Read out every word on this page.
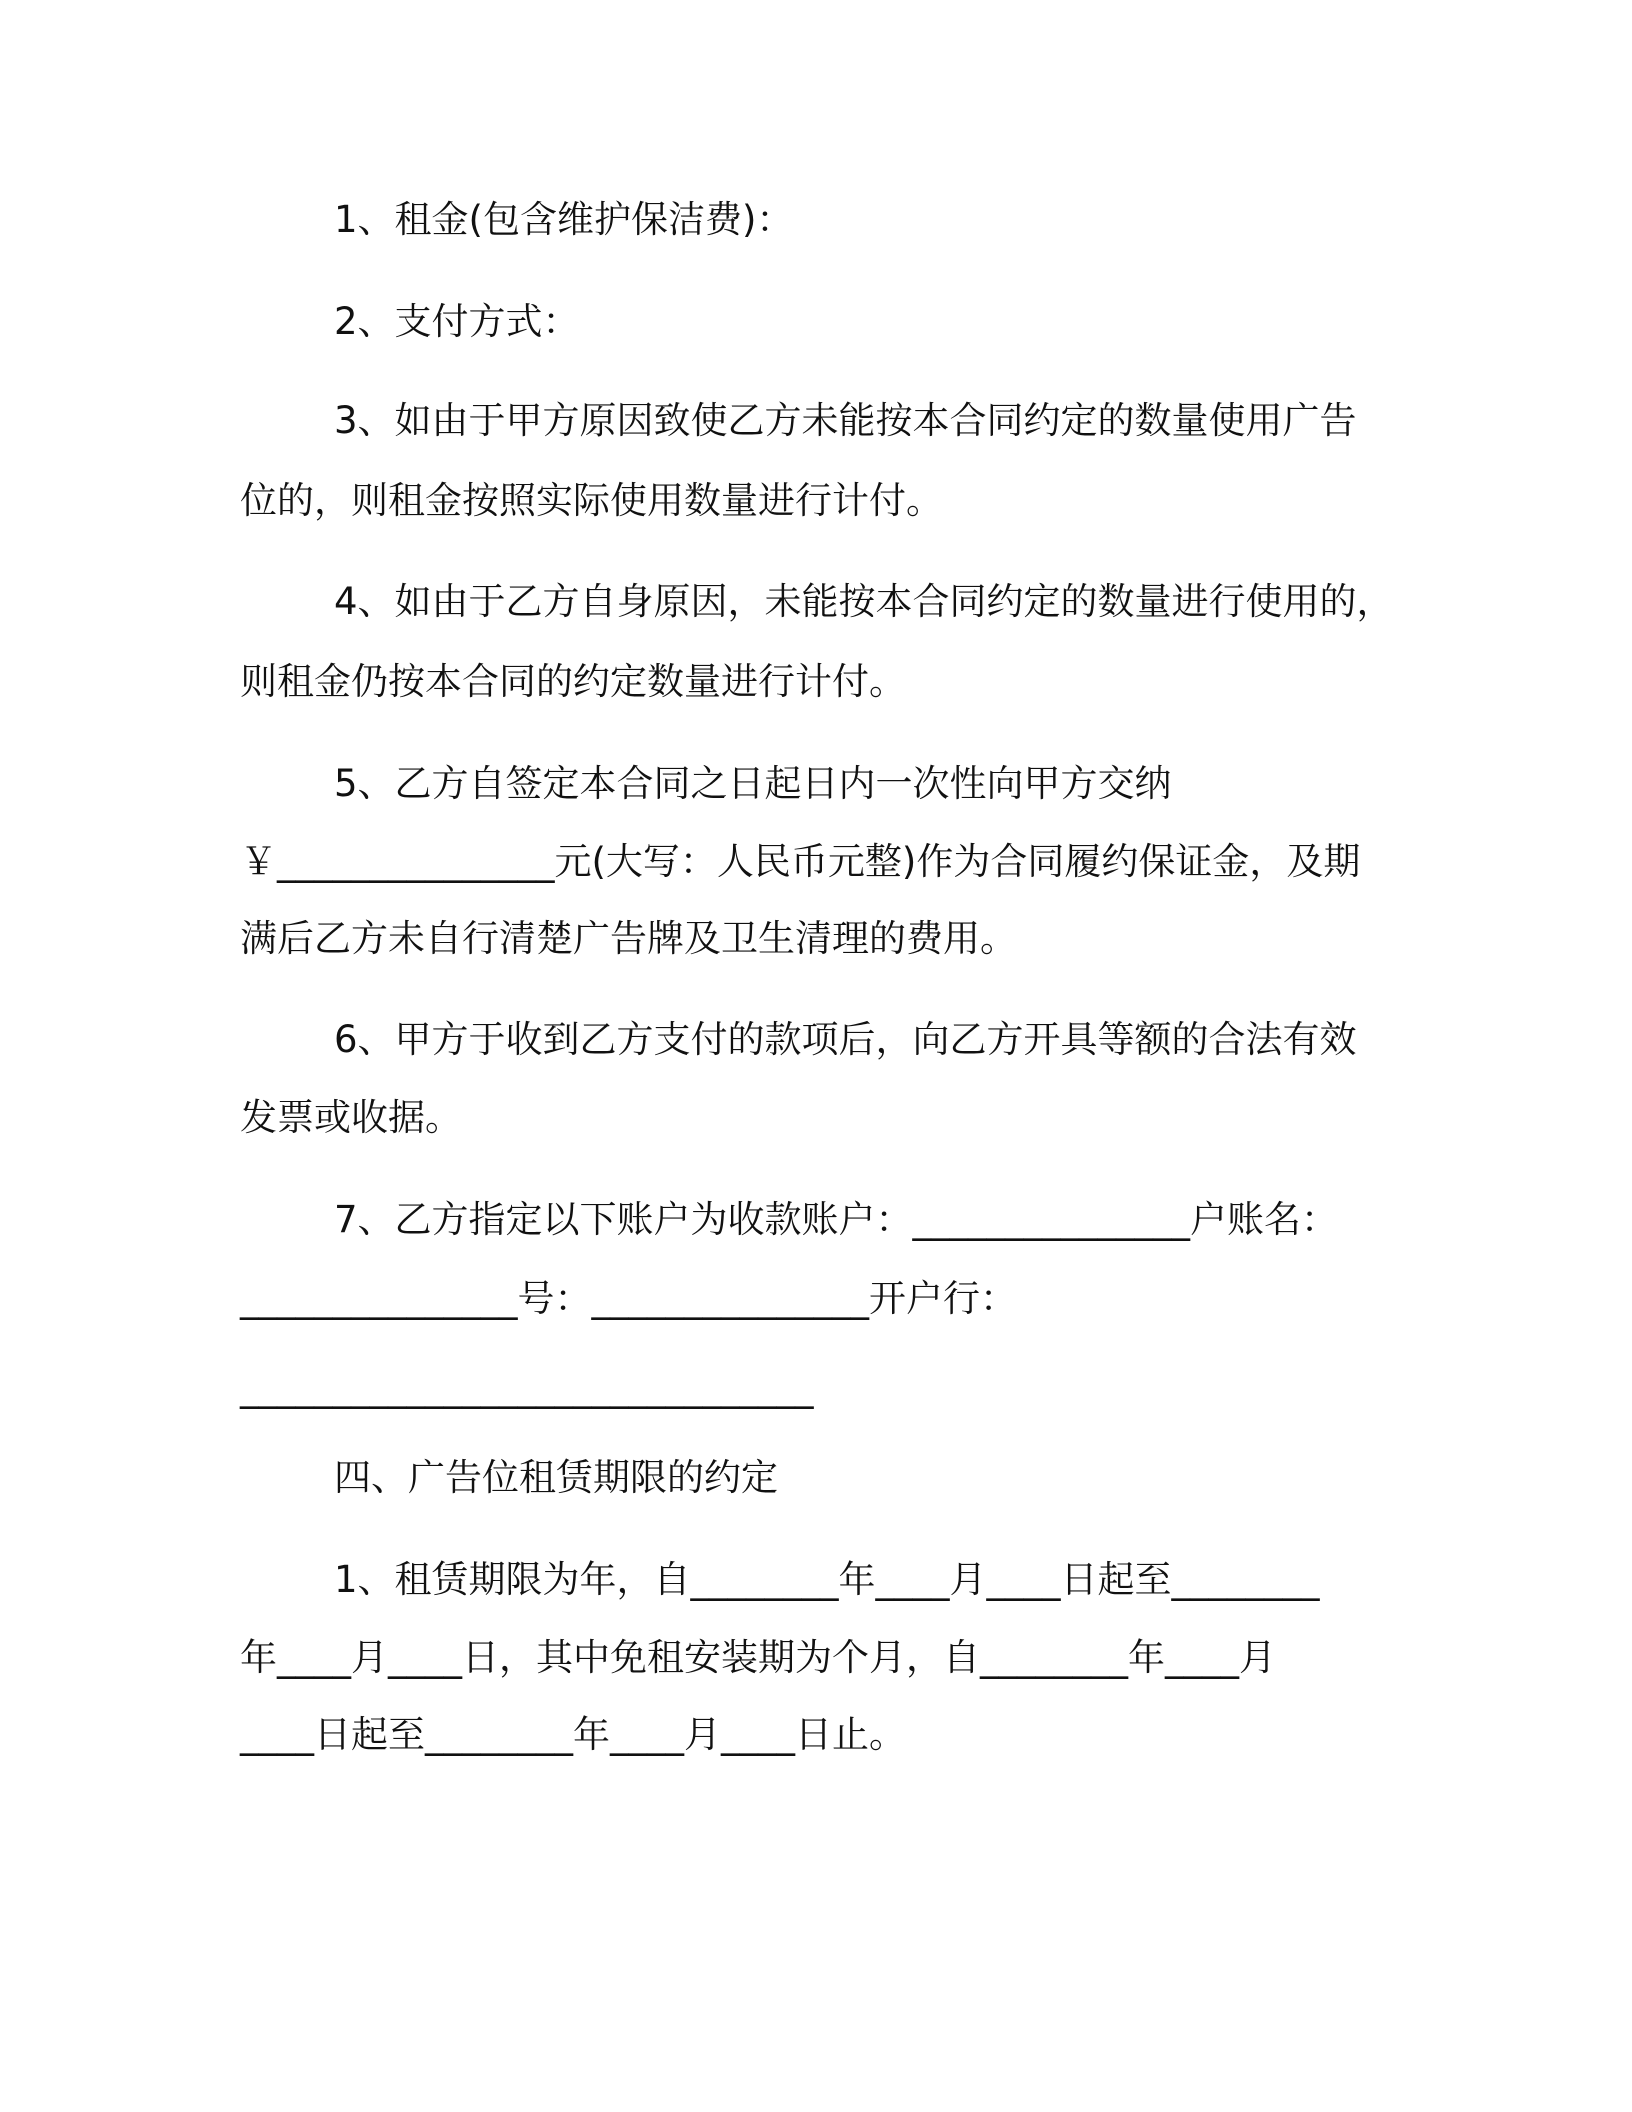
1、租金(包含维护保洁费)：
2、支付方式：
3、如由于甲方原因致使乙方未能按本合同约定的数量使用广告
位的，则租金按照实际使用数量进行计付。
4、如由于乙方自身原因，未能按本合同约定的数量进行使用的，
则租金仍按本合同的约定数量进行计付。
5、乙方自签定本合同之日起日内一次性向甲方交纳
￥_______________元(大写：人民币元整)作为合同履约保证金，及期
满后乙方未自行清楚广告牌及卫生清理的费用。
6、甲方于收到乙方支付的款项后，向乙方开具等额的合法有效
发票或收据。
7、乙方指定以下账户为收款账户：_______________户账名：
_______________号：_______________开户行：
_______________________________
四、广告位租赁期限的约定
1、租赁期限为年，自________年____月____日起至________
年____月____日，其中免租安装期为个月，自________年____月
____日起至________年____月____日止。
